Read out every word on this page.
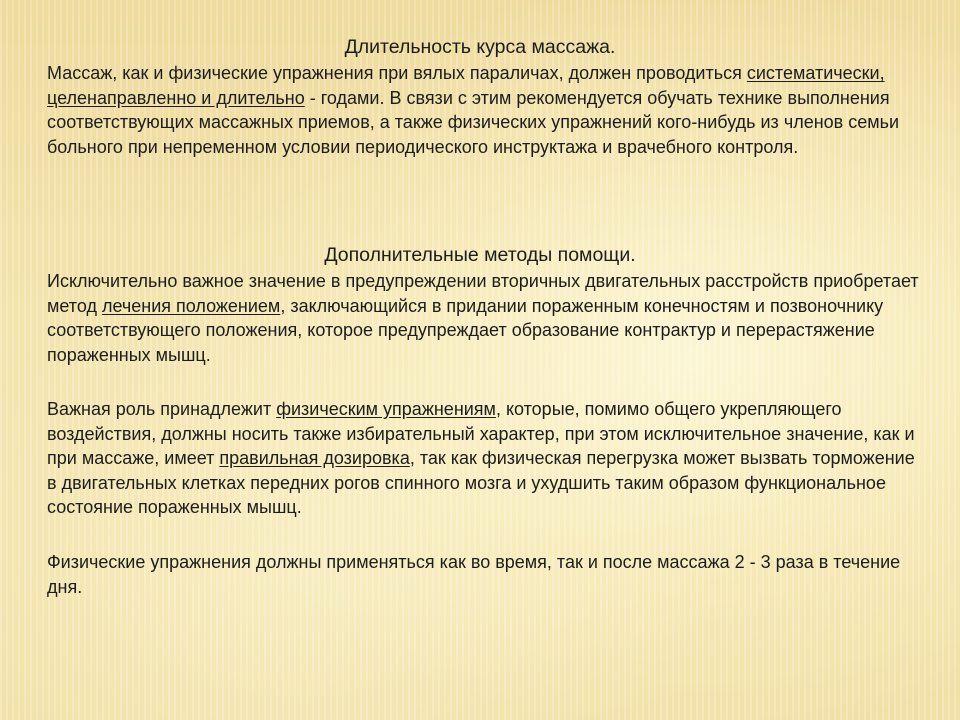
Длительность курса массажа.

Массаж, как и физические упражнения при вялых параличах, должен проводиться систематически, целенаправленно и длительно - годами. В связи с этим рекомендуется обучать технике выполнения соответствующих массажных приемов, а также физических упражнений кого-нибудь из членов семьи больного при непременном условии периодического инструктажа и врачебного контроля.

Дополнительные методы помощи.

Исключительно важное значение в предупреждении вторичных двигательных расстройств приобретает метод лечения положением, заключающийся в придании пораженным конечностям и позвоночнику соответствующего положения, которое предупреждает образование контрактур и перерастяжение пораженных мышц.

Важная роль принадлежит физическим упражнениям, которые, помимо общего укрепляющего воздействия, должны носить также избирательный характер, при этом исключительное значение, как и при массаже, имеет правильная дозировка, так как физическая перегрузка может вызвать торможение в двигательных клетках передних рогов спинного мозга и ухудшить таким образом функциональное состояние пораженных мышц.

Физические упражнения должны применяться как во время, так и после массажа 2 - 3 раза в течение дня.
